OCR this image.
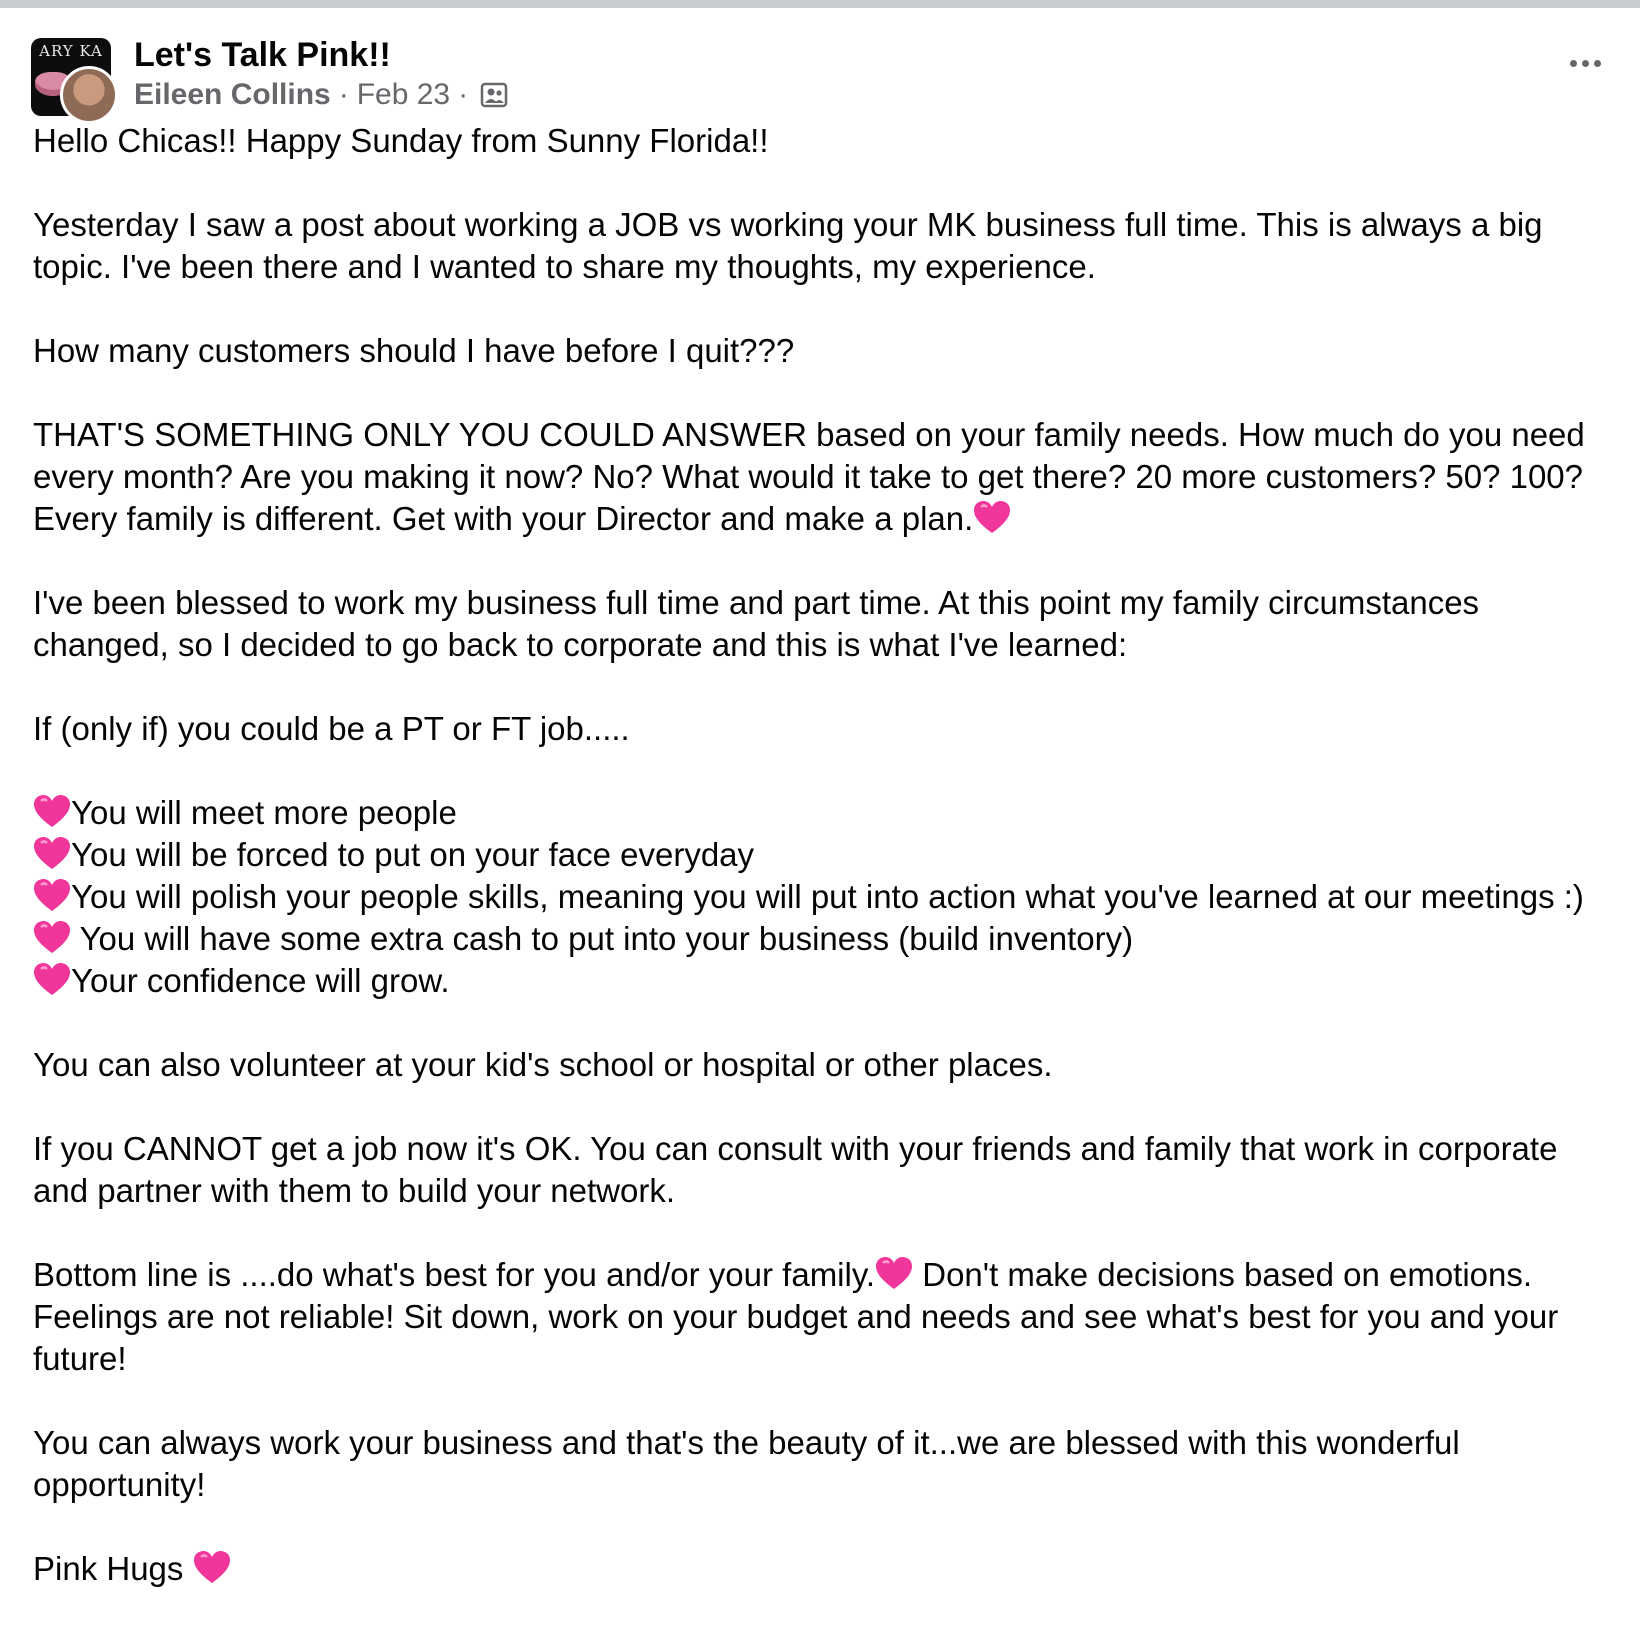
ARY KA Let's Talk Pink!!
Eileen Collins · Feb 23 ·

Hello Chicas!! Happy Sunday from Sunny Florida!!

Yesterday I saw a post about working a JOB vs working your MK business full time. This is always a big topic. I've been there and I wanted to share my thoughts, my experience.

How many customers should I have before I quit???

THAT'S SOMETHING ONLY YOU COULD ANSWER based on your family needs. How much do you need every month? Are you making it now? No? What would it take to get there? 20 more customers? 50? 100? Every family is different. Get with your Director and make a plan.

I've been blessed to work my business full time and part time. At this point my family circumstances changed, so I decided to go back to corporate and this is what I've learned:

If (only if) you could be a PT or FT job.....

You will meet more people
You will be forced to put on your face everyday
You will polish your people skills, meaning you will put into action what you've learned at our meetings :)
You will have some extra cash to put into your business (build inventory)
Your confidence will grow.

You can also volunteer at your kid's school or hospital or other places.

If you CANNOT get a job now it's OK. You can consult with your friends and family that work in corporate and partner with them to build your network.

Bottom line is ....do what's best for you and/or your family. Don't make decisions based on emotions. Feelings are not reliable! Sit down, work on your budget and needs and see what's best for you and your future!

You can always work your business and that's the beauty of it...we are blessed with this wonderful opportunity!

Pink Hugs
